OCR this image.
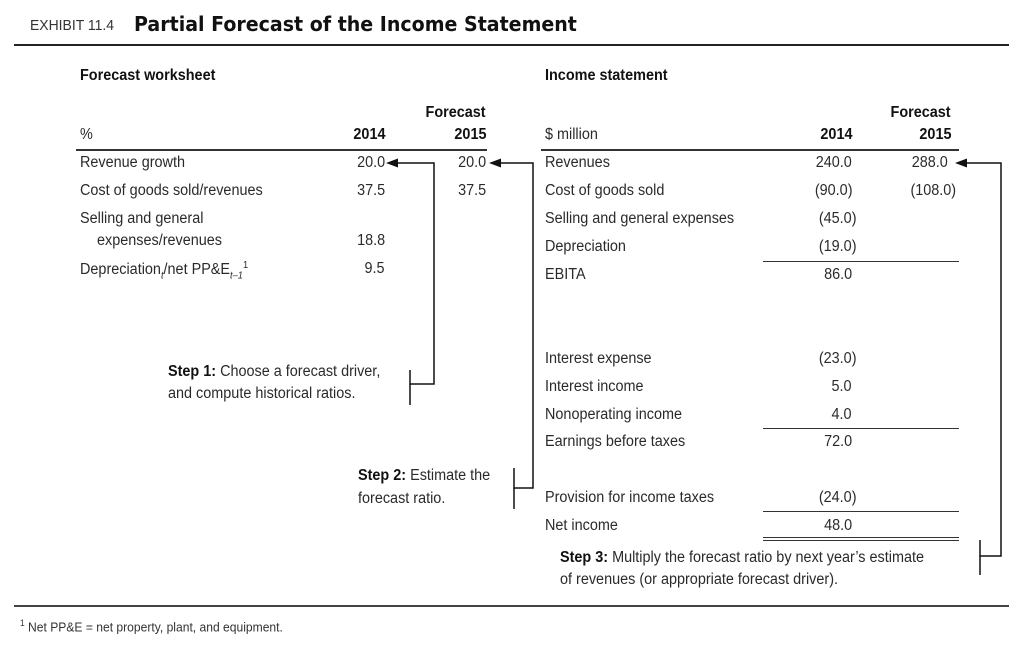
EXHIBIT 11.4 Partial Forecast of the Income Statement
Forecast worksheet
Forecast
%	2014	2015
Revenue growth	20.0	20.0
Cost of goods sold/revenues	37.5	37.5
Selling and general
expenses/revenues	18.8
Depreciation$_t$/net $PP\&E_{t-1}^1$	9.5
Income statement
Forecast
$ million	2014	2015
Revenues	240.0	288.0
Cost of goods sold	(90.0)	(108.0)
Selling and general expenses	(45.0)
Depreciation	(19.0)
EBITA	86.0
Interest expense	(23.0)
Interest income	5.0
Nonoperating income	4.0
Earnings before taxes	72.0
Provision for income taxes	(24.0)
Net income	48.0
Step 1: Choose a forecast driver,
and compute historical ratios.
Step 2: Estimate the
forecast ratio.
Step 3: Multiply the forecast ratio by next year’s estimate
of revenues (or appropriate forecast driver).
$^1$ Net PP&E = net property, plant, and equipment.
